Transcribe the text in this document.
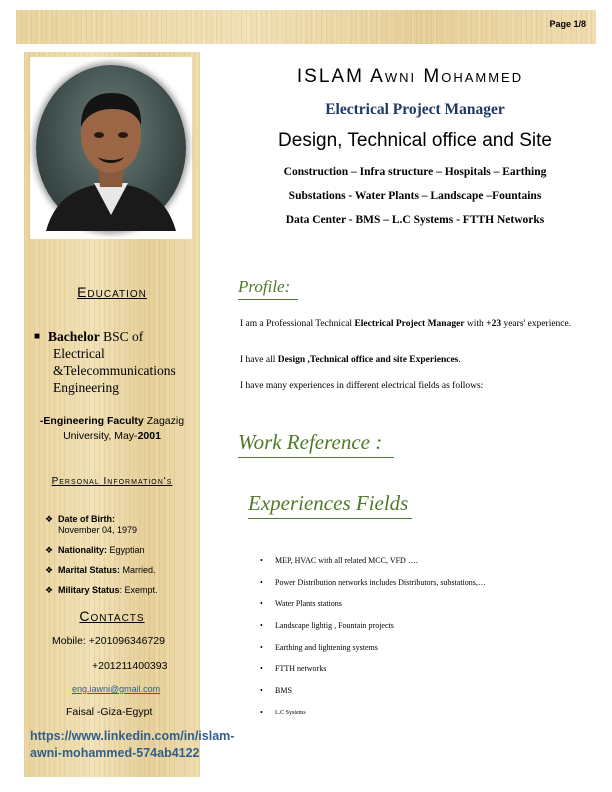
Page 1/8
Education
■ Bachelor BSC of
Electrical
&Telecommunications
Engineering
-Engineering Faculty Zagazig
University, May-2001
Personal Information's
❖ Date of Birth:
November 04, 1979
❖ Nationality: Egyptian
❖ Marital Status: Married.
❖ Military Status: Exempt.
Contacts
Mobile: +201096346729
+201211400393
eng.iawni@gmail.com
Faisal -Giza-Egypt
https://www.linkedin.com/in/islam-awni-mohammed-574ab4122
ISLAM Awni Mohammed
Electrical Project Manager
Design, Technical office and Site
Construction – Infra structure – Hospitals – Earthing
Substations - Water Plants – Landscape –Fountains
Data Center - BMS – L.C Systems - FTTH Networks
Profile:
I am a Professional Technical Electrical Project Manager with +23 years' experience.
I have all Design ,Technical office and site Experiences.
I have many experiences in different electrical fields as follows:
Work Reference :
Experiences Fields
• MEP, HVAC with all related MCC, VFD ….
• Power Distribution networks includes Distributors, substations,…
• Water Plants stations
• Landscape lightig , Fountain projects
• Earthing and lightening systems
• FTTH networks
• BMS
• L.C Systems
